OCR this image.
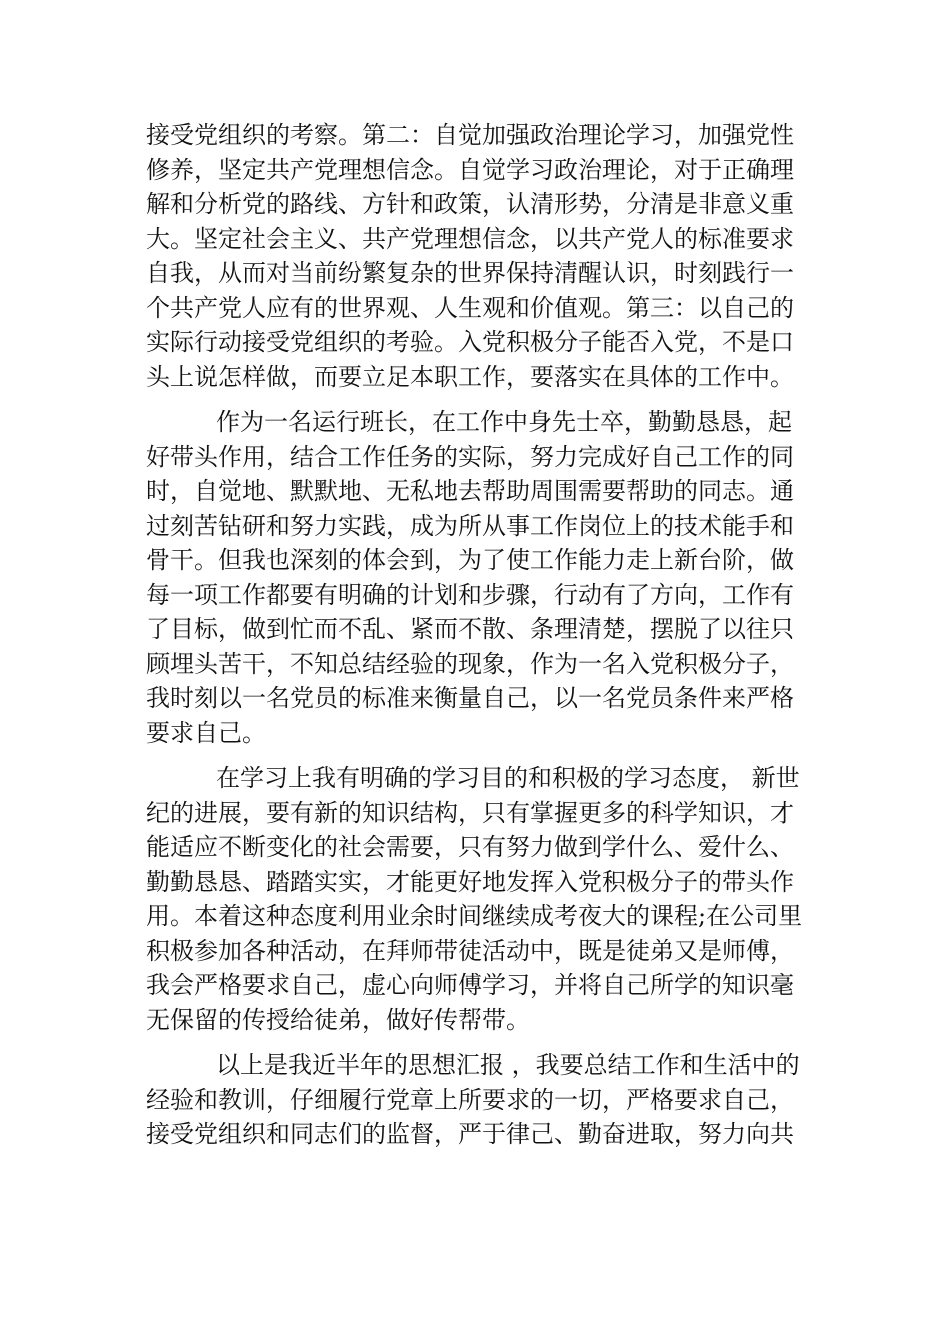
接受党组织的考察。第二：自觉加强政治理论学习，加强党性
修养，坚定共产党理想信念。自觉学习政治理论，对于正确理
解和分析党的路线、方针和政策，认清形势，分清是非意义重
大。坚定社会主义、共产党理想信念，以共产党人的标准要求
自我，从而对当前纷繁复杂的世界保持清醒认识，时刻践行一
个共产党人应有的世界观、人生观和价值观。第三：以自己的
实际行动接受党组织的考验。入党积极分子能否入党，不是口
头上说怎样做，而要立足本职工作，要落实在具体的工作中。
作为一名运行班长，在工作中身先士卒，勤勤恳恳，起
好带头作用，结合工作任务的实际，努力完成好自己工作的同
时，自觉地、默默地、无私地去帮助周围需要帮助的同志。通
过刻苦钻研和努力实践，成为所从事工作岗位上的技术能手和
骨干。但我也深刻的体会到，为了使工作能力走上新台阶，做
每一项工作都要有明确的计划和步骤，行动有了方向，工作有
了目标，做到忙而不乱、紧而不散、条理清楚，摆脱了以往只
顾埋头苦干，不知总结经验的现象，作为一名入党积极分子，
我时刻以一名党员的标准来衡量自己，以一名党员条件来严格
要求自己。
在学习上我有明确的学习目的和积极的学习态度， 新世
纪的进展，要有新的知识结构，只有掌握更多的科学知识，才
能适应不断变化的社会需要，只有努力做到学什么、爱什么、
勤勤恳恳、踏踏实实，才能更好地发挥入党积极分子的带头作
用。本着这种态度利用业余时间继续成考夜大的课程;在公司里
积极参加各种活动，在拜师带徒活动中，既是徒弟又是师傅，
我会严格要求自己，虚心向师傅学习，并将自己所学的知识毫
无保留的传授给徒弟，做好传帮带。
以上是我近半年的思想汇报 ，我要总结工作和生活中的
经验和教训，仔细履行党章上所要求的一切，严格要求自己，
接受党组织和同志们的监督，严于律己、勤奋进取，努力向共
